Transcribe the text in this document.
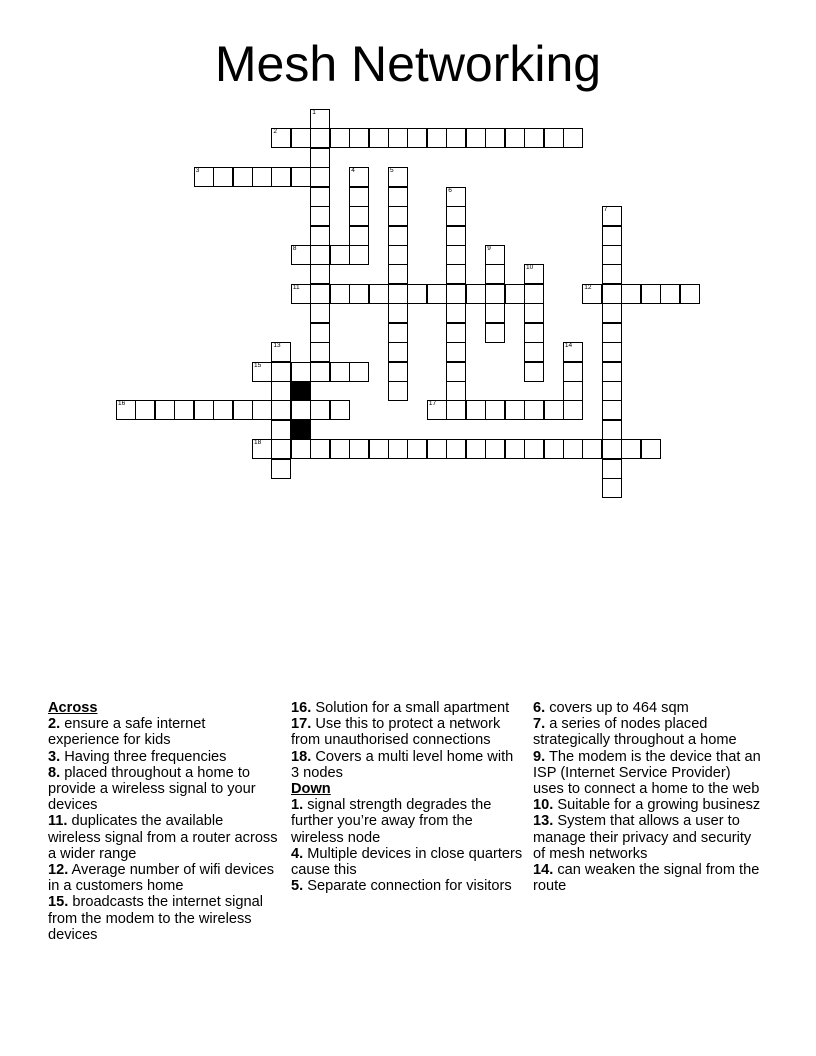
Mesh Networking
1
2
3	4	5
6
7
8	9
10
11	12
13	14
15
16	17
18

Across

2. ensure a safe internet experience for kids

3. Having three frequencies

8. placed throughout a home to provide a wireless signal to your devices

11. duplicates the available wireless signal from a router across a wider range

12. Average number of wifi devices in a customers home

15. broadcasts the internet signal from the modem to the wireless devices

16. Solution for a small apartment

17. Use this to protect a network from unauthorised connections

18. Covers a multi level home with 3 nodes

Down

1. signal strength degrades the further you’re away from the wireless node

4. Multiple devices in close quarters cause this

5. Separate connection for visitors

6. covers up to 464 sqm

7. a series of nodes placed strategically throughout a home

9. The modem is the device that an ISP (Internet Service Provider) uses to connect a home to the web

10. Suitable for a growing businesz

13. System that allows a user to manage their privacy and security of mesh networks

14. can weaken the signal from the route
